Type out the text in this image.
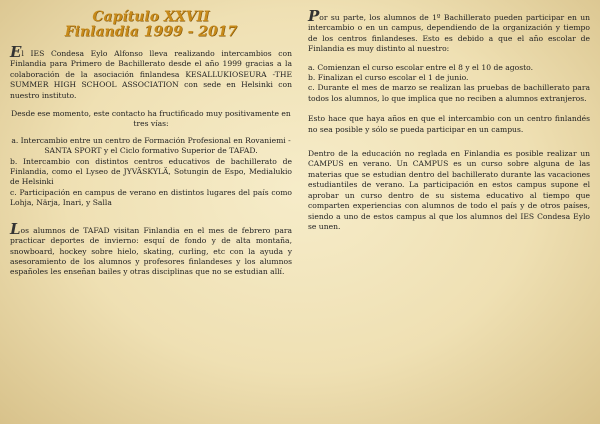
Capítulo XXVII
Finlandia 1999 - 2017

El IES Condesa Eylo Alfonso lleva realizando intercambios con Finlandia para Primero de Bachillerato desde el año 1999 gracias a la colaboración de la asociación finlandesa KESALLUKIOSEURA -THE SUMMER HIGH SCHOOL ASSOCIATION con sede en Helsinki con nuestro instituto.

Desde ese momento, este contacto ha fructificado muy positivamente en tres vías:

a. Intercambio entre un centro de Formación Profesional en Rovaniemi -SANTA SPORT y el Ciclo formativo Superior de TAFAD.
b. Intercambio con distintos centros educativos de bachillerato de Finlandia, como el Lyseo de JYVÄSKYLÄ, Sotungin de Espo, Medialukio de Helsinki
c. Participación en campus de verano en distintos lugares del país como Lohja, Närja, Inari, y Salla

Los alumnos de TAFAD visitan Finlandia en el mes de febrero para practicar deportes de invierno: esquí de fondo y de alta montaña, snowboard, hockey sobre hielo, skating, curling, etc con la ayuda y asesoramiento de los alumnos y profesores finlandeses y los alumnos españoles les enseñan bailes y otras disciplinas que no se estudian allí.

Por su parte, los alumnos de 1º Bachillerato pueden participar en un intercambio o en un campus, dependiendo de la organización y tiempo de los centros finlandeses. Esto es debido a que el año escolar de Finlandia es muy distinto al nuestro:

a. Comienzan el curso escolar entre el 8 y el 10 de agosto.
b. Finalizan el curso escolar el 1 de junio.
c. Durante el mes de marzo se realizan las pruebas de bachillerato para todos los alumnos, lo que implica que no reciben a alumnos extranjeros.

Esto hace que haya años en que el intercambio con un centro finlandés no sea posible y sólo se pueda participar en un campus.

Dentro de la educación no reglada en Finlandia es posible realizar un CAMPUS en verano. Un CAMPUS es un curso sobre alguna de las materias que se estudian dentro del bachillerato durante las vacaciones estudiantiles de verano. La participación en estos campus supone el aprobar un curso dentro de su sistema educativo al tiempo que comparten experiencias con alumnos de todo el país y de otros países, siendo a uno de estos campus al que los alumnos del IES Condesa Eylo se unen.
